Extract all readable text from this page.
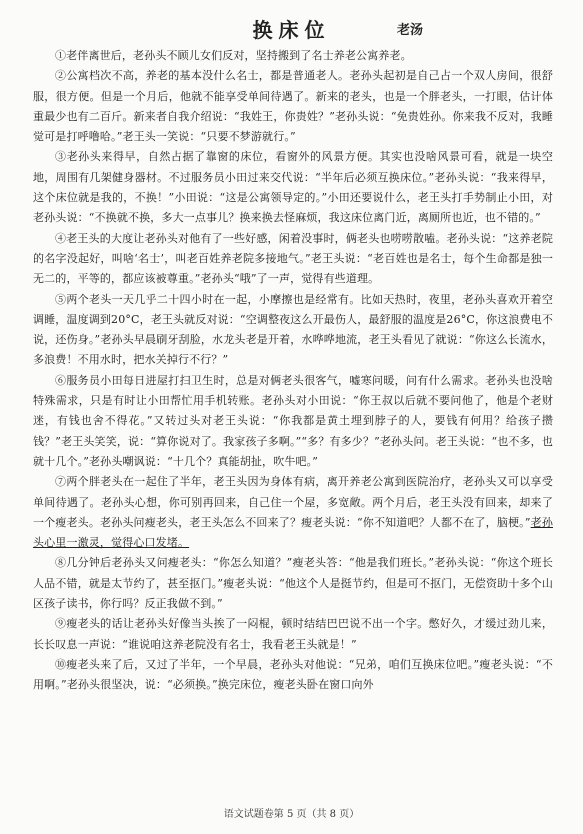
换床位	老汤

①老伴离世后，老孙头不顾儿女们反对，坚持搬到了名士养老公寓养老。

②公寓档次不高，养老的基本没什么名士，都是普通老人。老孙头起初是自己占一个双人房间，很舒服，很方便。但是一个月后，他就不能享受单间待遇了。新来的老头，也是一个胖老头，一打眼，估计体重最少也有二百斤。新来者自我介绍说：“我姓王，你贵姓？”老孙头说：“免贵姓孙。你来我不反对，我睡觉可是打呼噜哈。”老王头一笑说：“只要不梦游就行。”

③老孙头来得早，自然占据了靠窗的床位，看窗外的风景方便。其实也没啥风景可看，就是一块空地，周围有几架健身器材。不过服务员小田过来交代说：“半年后必须互换床位。”老孙头说：“我来得早，这个床位就是我的，不换！”小田说：“这是公寓领导定的。”小田还要说什么，老王头打手势制止小田，对老孙头说：“不换就不换，多大一点事儿？换来换去怪麻烦，我这床位离门近，离厕所也近，也不错的。”

④老王头的大度让老孙头对他有了一些好感，闲着没事时，俩老头也唠唠散嗑。老孙头说：“这养老院的名字没起好，叫啥‘名士’，叫老百姓养老院多接地气。”老王头说：“老百姓也是名士，每个生命都是独一无二的，平等的，都应该被尊重。”老孙头“哦”了一声，觉得有些道理。

⑤两个老头一天几乎二十四小时在一起，小摩擦也是经常有。比如天热时，夜里，老孙头喜欢开着空调睡，温度调到20°C，老王头就反对说：“空调整夜这么开最伤人，最舒服的温度是26°C，你这浪费电不说，还伤身。”老孙头早晨刷牙刮脸，水龙头老是开着，水哗哗地流，老王头看见了就说：“你这么长流水，多浪费！不用水时，把水关掉行不行？”

⑥服务员小田每日进屋打扫卫生时，总是对俩老头很客气，嘘寒问暖，问有什么需求。老孙头也没啥特殊需求，只是有时让小田帮忙用手机转账。老孙头对小田说：“你王叔以后就不要问他了，他是个老财迷，有钱也舍不得花。”又转过头对老王头说：“你我都是黄土埋到脖子的人，要钱有何用？给孩子攒钱？”老王头笑笑，说：“算你说对了。我家孩子多啊。”“多？有多少？”老孙头问。老王头说：“也不多，也就十几个。”老孙头嘲讽说：“十几个？真能胡扯，吹牛吧。”

⑦两个胖老头在一起住了半年，老王头因为身体有病，离开养老公寓到医院治疗，老孙头又可以享受单间待遇了。老孙头心想，你可别再回来，自己住一个屋，多宽敞。两个月后，老王头没有回来，却来了一个瘦老头。老孙头问瘦老头，老王头怎么不回来了？瘦老头说：“你不知道吧？人都不在了，脑梗。”老孙头心里一激灵，觉得心口发堵。

⑧几分钟后老孙头又问瘦老头：“你怎么知道？”瘦老头答：“他是我们班长。”老孙头说：“你这个班长人品不错，就是太节约了，甚至抠门。”瘦老头说：“他这个人是挺节约，但是可不抠门，无偿资助十多个山区孩子读书，你行吗？反正我做不到。”

⑨瘦老头的话让老孙头好像当头挨了一闷棍，顿时结结巴巴说不出一个字。憋好久，才缓过劲儿来，长长叹息一声说：“谁说咱这养老院没有名士，我看老王头就是！”

⑩瘦老头来了后，又过了半年，一个早晨，老孙头对他说：“兄弟，咱们互换床位吧。”瘦老头说：“不用啊。”老孙头很坚决，说：“必须换。”换完床位，瘦老头卧在窗口向外

语文试题卷第 5 页（共 8 页）
